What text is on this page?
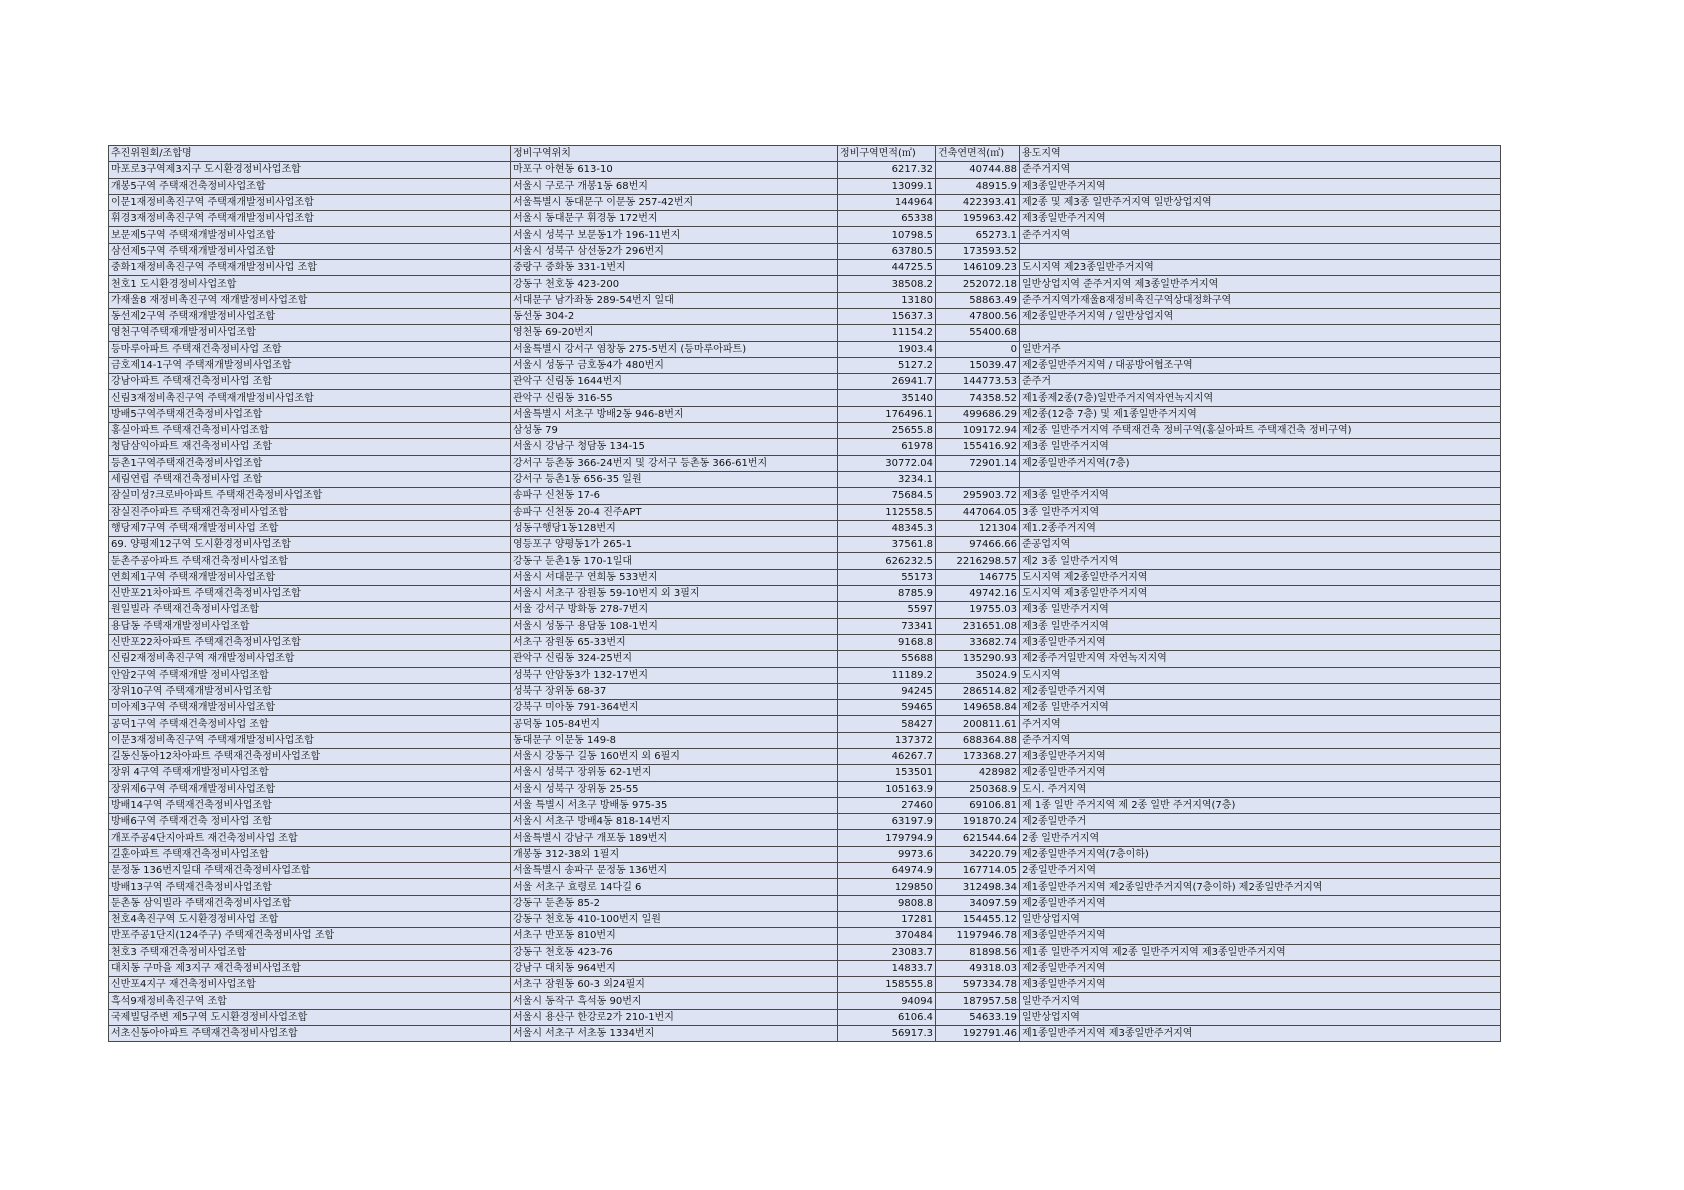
추진위원회/조합명	정비구역위치	정비구역면적(㎡)	건축연면적(㎡)	용도지역
마포로3구역제3지구 도시환경정비사업조합	마포구 아현동 613-10	6217.32	40744.88	준주거지역
개봉5구역 주택재건축정비사업조합	서울시 구로구 개봉1동 68번지	13099.1	48915.9	제3종일반주거지역
이문1재정비촉진구역 주택재개발정비사업조합	서울특별시 동대문구 이문동 257-42번지	144964	422393.41	제2종 및 제3종 일반주거지역 일반상업지역
휘경3재정비촉진구역 주택재개발정비사업조합	서울시 동대문구 휘경동 172번지	65338	195963.42	제3종일반주거지역
보문제5구역 주택재개발정비사업조합	서울시 성북구 보문동1가 196-11번지	10798.5	65273.1	준주거지역
삼선제5구역 주택재개발정비사업조합	서울시 성북구 삼선동2가 296번지	63780.5	173593.52	
중화1재정비촉진구역 주택재개발정비사업 조합	중랑구 중화동 331-1번지	44725.5	146109.23	도시지역 제23종일반주거지역
천호1 도시환경정비사업조합	강동구 천호동 423-200	38508.2	252072.18	일반상업지역 준주거지역 제3종일반주거지역
가재울8 재정비촉진구역 재개발정비사업조합	서대문구 남가좌동 289-54번지 일대	13180	58863.49	준주거지역가재울8재정비촉진구역상대정화구역
동선제2구역 주택재개발정비사업조합	동선동 304-2	15637.3	47800.56	제2종일반주거지역 / 일반상업지역
영천구역주택재개발정비사업조합	영천동 69-20번지	11154.2	55400.68	
등마루아파트 주택재건축정비사업 조합	서울특별시 강서구 염창동 275-5번지 (등마루아파트)	1903.4	0	일반거주
금호제14-1구역 주택재개발정비사업조합	서울시 성동구 금호동4가 480번지	5127.2	15039.47	제2종일반주거지역 / 대공방어협조구역
강남아파트 주택재건축정비사업 조합	관악구 신림동 1644번지	26941.7	144773.53	준주거
신림3재정비촉진구역 주택재개발정비사업조합	관악구 신림동 316-55	35140	74358.52	제1종제2종(7층)일반주거지역자연녹지지역
방배5구역주택재건축정비사업조합	서울특별시 서초구 방배2동 946-8번지	176496.1	499686.29	제2종(12층 7층) 및 제1종일반주거지역
홍실아파트 주택재건축정비사업조합	삼성동 79	25655.8	109172.94	제2종 일반주거지역 주택재건축 정비구역(홍실아파트 주택재건축 정비구역)
청담삼익아파트 재건축정비사업 조합	서울시 강남구 청담동 134-15	61978	155416.92	제3종 일반주거지역
등촌1구역주택재건축정비사업조합	강서구 등촌동 366-24번지 및 강서구 등촌동 366-61번지	30772.04	72901.14	제2종일반주거지역(7층)
세림연립 주택재건축정비사업 조합	강서구 등촌1동 656-35 일원	3234.1		
잠실미성?크로바아파트 주택재건축정비사업조합	송파구 신천동 17-6	75684.5	295903.72	제3종 일반주거지역
잠실진주아파트 주택재건축정비사업조합	송파구 신천동 20-4 진주APT	112558.5	447064.05	3종 일반주거지역
행당제7구역 주택재개발정비사업 조합	성동구행당1동128번지	48345.3	121304	제1.2종주거지역
69. 양평제12구역 도시환경정비사업조합	영등포구 양평동1가 265-1	37561.8	97466.66	준공업지역
둔촌주공아파트 주택재건축정비사업조합	강동구 둔촌1동 170-1일대	626232.5	2216298.57	제2 3종 일반주거지역
연희제1구역 주택재개발정비사업조합	서울시 서대문구 연희동 533번지	55173	146775	도시지역 제2종일반주거지역
신반포21차아파트 주택재건축정비사업조합	서울시 서초구 잠원동 59-10번지 외 3필지	8785.9	49742.16	도시지역 제3종일반주거지역
원일빌라 주택재건축정비사업조합	서울 강서구 방화동 278-7번지	5597	19755.03	제3종 일반주거지역
용답동 주택재개발정비사업조합	서울시 성동구 용답동 108-1번지	73341	231651.08	제3종 일반주거지역
신반포22차아파트 주택재건축정비사업조합	서초구 잠원동 65-33번지	9168.8	33682.74	제3종일반주거지역
신림2재정비촉진구역 재개발정비사업조합	관악구 신림동 324-25번지	55688	135290.93	제2종주거일반지역 자연녹지지역
안암2구역 주택재개발 정비사업조합	성북구 안암동3가 132-17번지	11189.2	35024.9	도시지역
장위10구역 주택재개발정비사업조합	성북구 장위동 68-37	94245	286514.82	제2종일반주거지역
미아제3구역 주택재개발정비사업조합	강북구 미아동 791-364번지	59465	149658.84	제2종 일반주거지역
공덕1구역 주택재건축정비사업 조합	공덕동 105-84번지	58427	200811.61	주거지역
이문3재정비촉진구역 주택재개발정비사업조합	동대문구 이문동 149-8	137372	688364.88	준주거지역
길동신동아12차아파트 주택재건축정비사업조합	서울시 강동구 길동 160번지 외 6필지	46267.7	173368.27	제3종일반주거지역
장위 4구역 주택재개발정비사업조합	서울시 성북구 장위동 62-1번지	153501	428982	제2종일반주거지역
장위제6구역 주택재개발정비사업조합	서울시 성북구 장위동 25-55	105163.9	250368.9	도시. 주거지역
방배14구역 주택재건축정비사업조합	서울 특별시 서초구 방배동 975-35	27460	69106.81	제 1종 일반 주거지역 제 2종 일반 주거지역(7층)
방배6구역 주택재건축 정비사업 조합	서울시 서초구 방배4동 818-14번지	63197.9	191870.24	제2종일반주거
개포주공4단지아파트 재건축정비사업 조합	서울특별시 강남구 개포동 189번지	179794.9	621544.64	2종 일반주거지역
길훈아파트 주택재건축정비사업조합	개봉동 312-38외 1필지	9973.6	34220.79	제2종일반주거지역(7층이하)
문정동 136번지일대 주택재건축정비사업조합	서울특별시 송파구 문정동 136번지	64974.9	167714.05	2종일반주거지역
방배13구역 주택재건축정비사업조합	서울 서초구 효령로 14다길 6	129850	312498.34	제1종일반주거지역 제2종일반주거지역(7층이하) 제2종일반주거지역
둔촌동 삼익빌라 주택재건축정비사업조합	강동구 둔촌동 85-2	9808.8	34097.59	제2종일반주거지역
천호4촉진구역 도시환경정비사업 조합	강동구 천호동 410-100번지 일원	17281	154455.12	일반상업지역
반포주공1단지(124주구) 주택재건축정비사업 조합	서초구 반포동 810번지	370484	1197946.78	제3종일반주거지역
천호3 주택재건축정비사업조합	강동구 천호동 423-76	23083.7	81898.56	제1종 일반주거지역 제2종 일반주거지역 제3종일반주거지역
대치동 구마을 제3지구 재건축정비사업조합	강남구 대치동 964번지	14833.7	49318.03	제2종일반주거지역
신반포4지구 재건축정비사업조합	서초구 잠원동 60-3 외24필지	158555.8	597334.78	제3종일반주거지역
흑석9재정비촉진구역 조합	서울시 동작구 흑석동 90번지	94094	187957.58	일반주거지역
국제빌딩주변 제5구역 도시환경정비사업조합	서울시 용산구 한강로2가 210-1번지	6106.4	54633.19	일반상업지역
서초신동아아파트 주택재건축정비사업조합	서울시 서초구 서초동 1334번지	56917.3	192791.46	제1종일반주거지역 제3종일반주거지역
